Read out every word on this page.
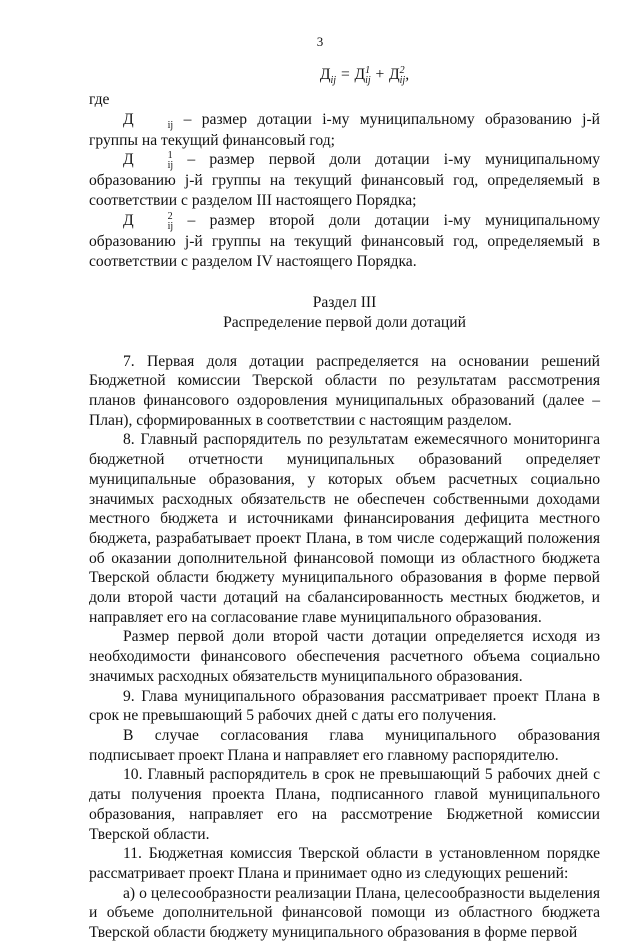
3
$Д_{ij} = Д$ 1
ij + Д 2
ij ,

где

Д	ij – размер дотации i-му муниципальному образованию j-й группы на текущий финансовый год;

Д	1
ij – размер первой доли дотации i-му муниципальному образованию j-й группы на текущий финансовый год, определяемый в соответствии с разделом III настоящего Порядка;

Д	2
ij – размер второй доли дотации i-му муниципальному образованию j-й группы на текущий финансовый год, определяемый в соответствии с разделом IV настоящего Порядка.

Раздел III

Распределение первой доли дотаций

7. Первая доля дотации распределяется на основании решений Бюджетной комиссии Тверской области по результатам рассмотрения планов финансового оздоровления муниципальных образований (далее – План), сформированных в соответствии с настоящим разделом.

8. Главный распорядитель по результатам ежемесячного мониторинга бюджетной отчетности муниципальных образований определяет муниципальные образования, у которых объем расчетных социально значимых расходных обязательств не обеспечен собственными доходами местного бюджета и источниками финансирования дефицита местного бюджета, разрабатывает проект Плана, в том числе содержащий положения об оказании дополнительной финансовой помощи из областного бюджета Тверской области бюджету муниципального образования в форме первой доли второй части дотаций на сбалансированность местных бюджетов, и направляет его на согласование главе муниципального образования.

Размер первой доли второй части дотации определяется исходя из необходимости финансового обеспечения расчетного объема социально значимых расходных обязательств муниципального образования.

9. Глава муниципального образования рассматривает проект Плана в срок не превышающий 5 рабочих дней с даты его получения.

В случае согласования глава муниципального образования подписывает проект Плана и направляет его главному распорядителю.

10. Главный распорядитель в срок не превышающий 5 рабочих дней с даты получения проекта Плана, подписанного главой муниципального образования, направляет его на рассмотрение Бюджетной комиссии Тверской области.

11. Бюджетная комиссия Тверской области в установленном порядке рассматривает проект Плана и принимает одно из следующих решений:

а) о целесообразности реализации Плана, целесообразности выделения и объеме дополнительной финансовой помощи из областного бюджета Тверской области бюджету муниципального образования в форме первой
